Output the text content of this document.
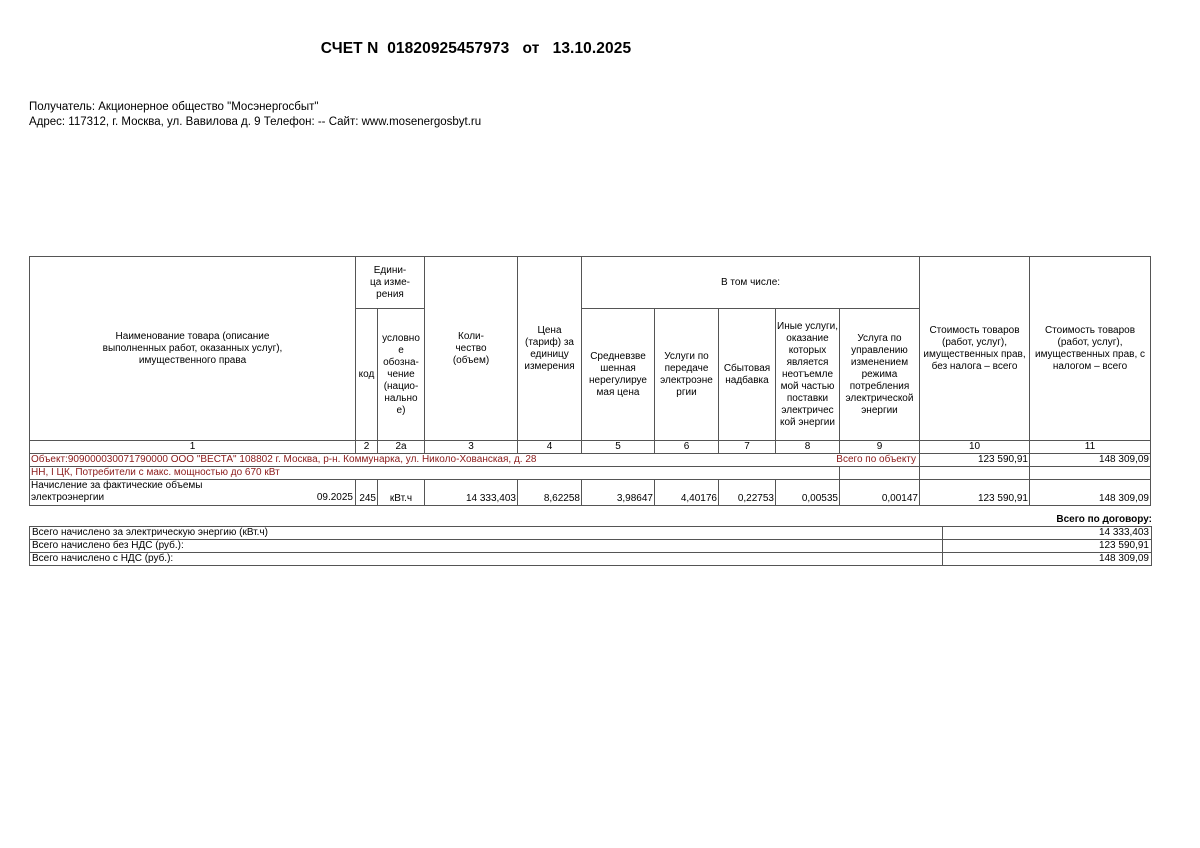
СЧЕТ N  01820925457973   от   13.10.2025
Получатель: Акционерное общество "Мосэнергосбыт"
Адрес: 117312, г. Москва, ул. Вавилова д. 9 Телефон: -- Сайт: www.mosenergosbyt.ru
Наименование товара (описание выполненных работ, оказанных услуг), имущественного права	Едини-ца изме-рения		Коли- чество (объем)	Цена (тариф) за единицу измерения	В том числе:					Стоимость товаров (работ, услуг), имущественных прав, без налога – всего	Стоимость товаров (работ, услуг), имущественных прав, с налогом – всего

	код	условно е обозна- чение (нацио- нально е)			Средневзве шенная нерегулируе мая цена	Услуги по передаче электроэне ргии	Сбытовая надбавка	Иные услуги, оказание которых является неотъемле мой частью поставки электричес кой энергии	Услуга по управлению изменением режима потребления электрической энергии		

1	2	2а	3	4	5	6	7	8	9	10	11
Объект:909000030071790000 ООО "ВЕСТА" 108802 г. Москва, р-н. Коммунарка, ул. Николо-Хованская, д. 28 Всего по объекту										123 590,91	148 309,09
НН, I ЦК, Потребители с макс. мощностью до 670 кВт											

Начисление за фактические объемы
электроэнергии 09.2025	245	кВт.ч	14 333,403	8,62258	3,98647	4,40176	0,22753	0,00535	0,00147	123 590,91	148 309,09
Всего по договору:
Всего начислено за электрическую энергию (кВт.ч)	14 333,403
Всего начислено без НДС (руб.):	123 590,91
Всего начислено с НДС (руб.):	148 309,09
